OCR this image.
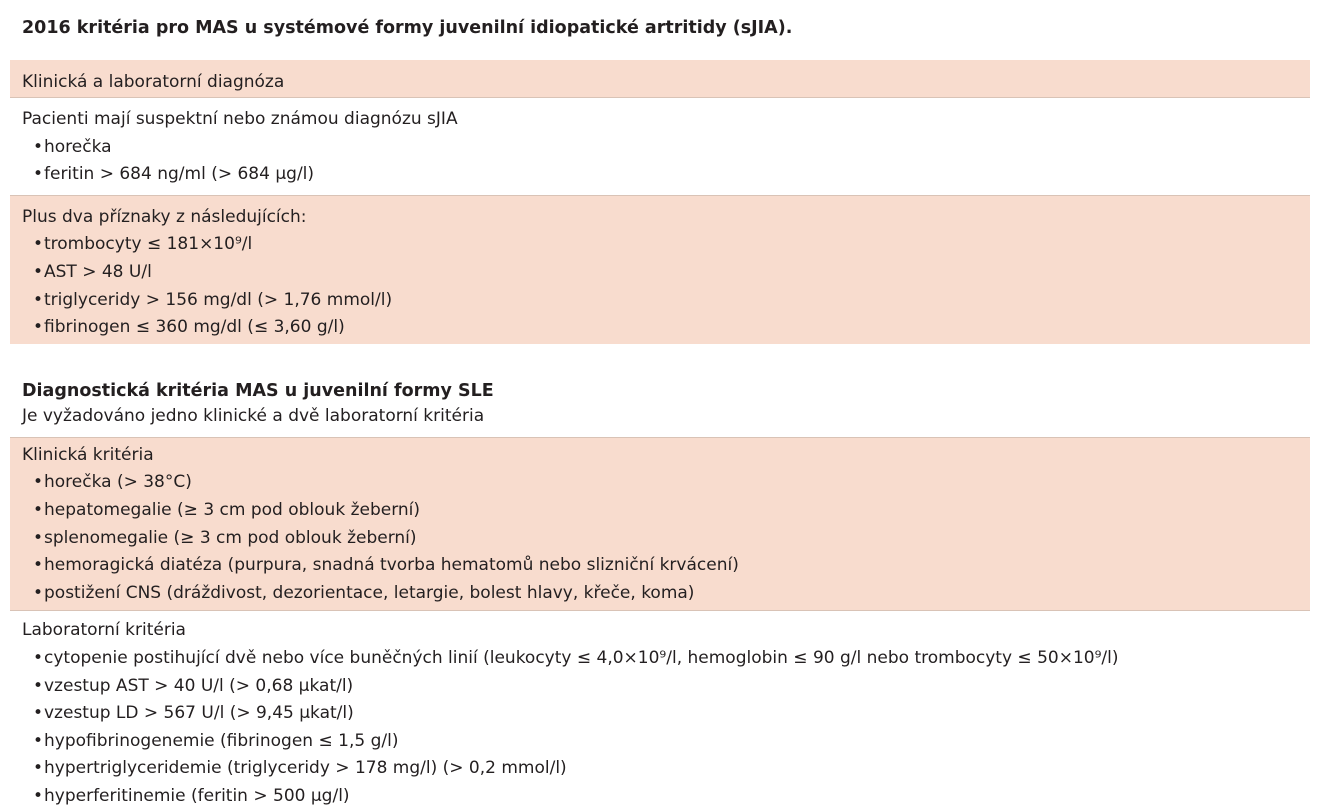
2016 kritéria pro MAS u systémové formy juvenilní idiopatické artritidy (sJIA).
Klinická a laboratorní diagnóza
Pacienti mají suspektní nebo známou diagnózu sJIA
• horečka
• feritin > 684 ng/ml (> 684 µg/l)
Plus dva příznaky z následujících:
• trombocyty ≤ 181×10⁹/l
• AST > 48 U/l
• triglyceridy > 156 mg/dl (> 1,76 mmol/l)
• fibrinogen ≤ 360 mg/dl (≤ 3,60 g/l)
Diagnostická kritéria MAS u juvenilní formy SLE
Je vyžadováno jedno klinické a dvě laboratorní kritéria
Klinická kritéria
• horečka (> 38°C)
• hepatomegalie (≥ 3 cm pod oblouk žeberní)
• splenomegalie (≥ 3 cm pod oblouk žeberní)
• hemoragická diatéza (purpura, snadná tvorba hematomů nebo slizniční krvácení)
• postižení CNS (dráždivost, dezorientace, letargie, bolest hlavy, křeče, koma)
Laboratorní kritéria
• cytopenie postihující dvě nebo více buněčných linií (leukocyty ≤ 4,0×10⁹/l, hemoglobin ≤ 90 g/l nebo trombocyty ≤ 50×10⁹/l)
• vzestup AST > 40 U/l (> 0,68 µkat/l)
• vzestup LD > 567 U/l (> 9,45 µkat/l)
• hypofibrinogenemie (fibrinogen ≤ 1,5 g/l)
• hypertriglyceridemie (triglyceridy > 178 mg/l) (> 0,2 mmol/l)
• hyperferitinemie (feritin > 500 µg/l)
